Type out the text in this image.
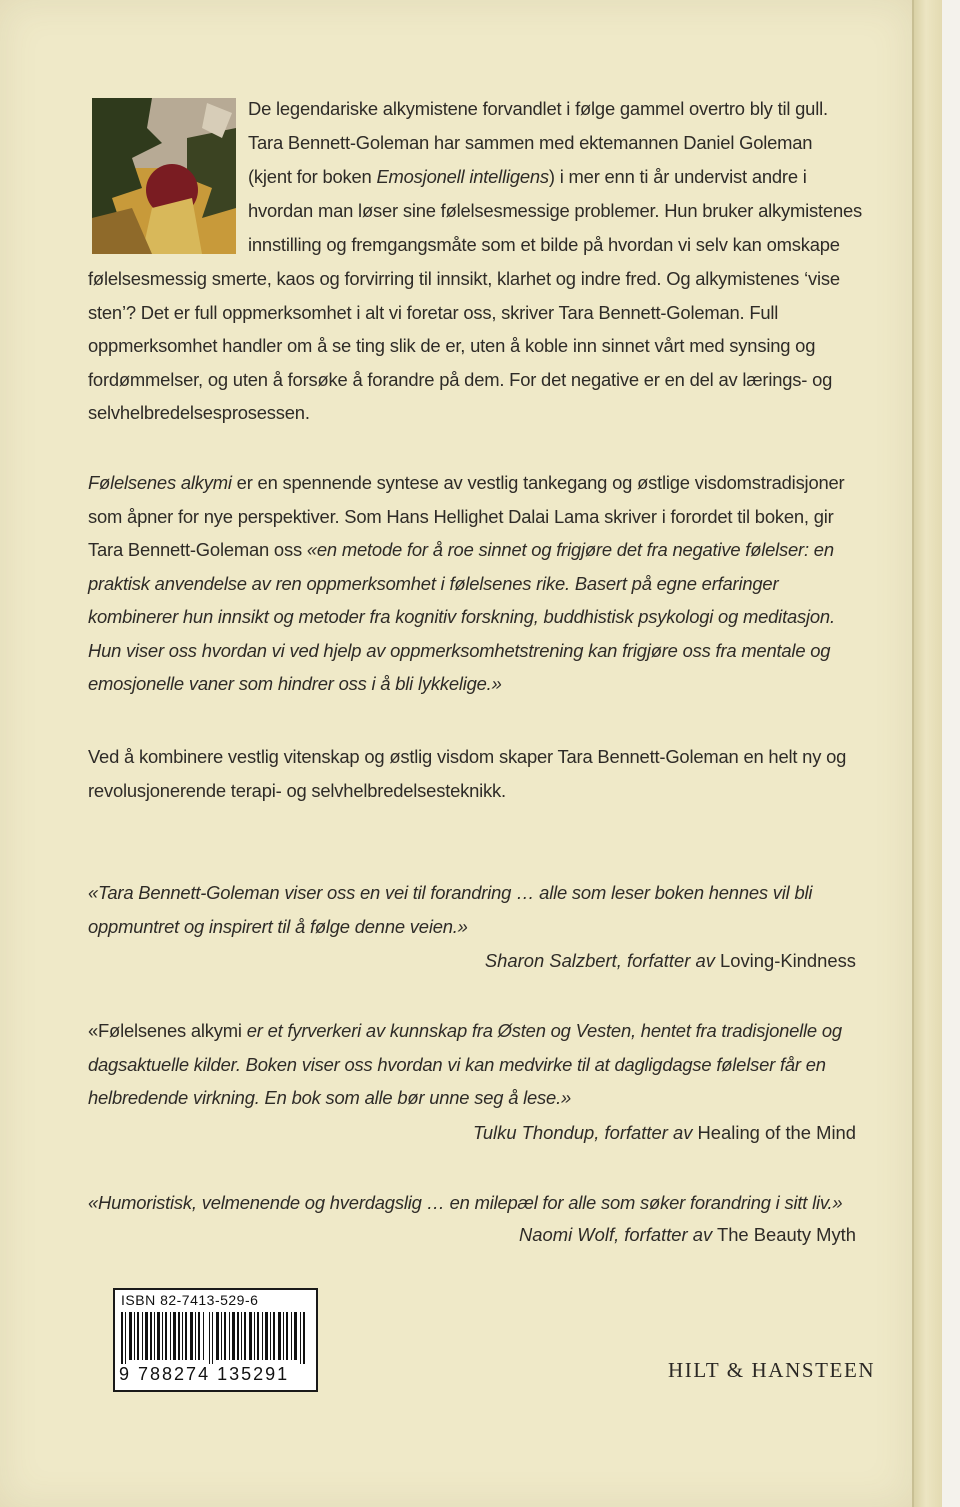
De legendariske alkymistene forvandlet i følge gammel overtro bly til gull.
Tara Bennett-Goleman har sammen med ektemannen Daniel Goleman
(kjent for boken Emosjonell intelligens) i mer enn ti år undervist andre i
hvordan man løser sine følelsesmessige problemer. Hun bruker alkymistenes
innstilling og fremgangsmåte som et bilde på hvordan vi selv kan omskape
følelsesmessig smerte, kaos og forvirring til innsikt, klarhet og indre fred. Og alkymistenes ‘vise sten’? Det er full oppmerksomhet i alt vi foretar oss, skriver Tara Bennett-Goleman. Full oppmerksomhet handler om å se ting slik de er, uten å koble inn sinnet vårt med synsing og fordømmelser, og uten å forsøke å forandre på dem. For det negative er en del av lærings- og selvhelbredelsesprosessen.
Følelsenes alkymi er en spennende syntese av vestlig tankegang og østlige visdomstradisjoner som åpner for nye perspektiver. Som Hans Hellighet Dalai Lama skriver i forordet til boken, gir Tara Bennett-Goleman oss «en metode for å roe sinnet og frigjøre det fra negative følelser: en praktisk anvendelse av ren oppmerksomhet i følelsenes rike. Basert på egne erfaringer kombinerer hun innsikt og metoder fra kognitiv forskning, buddhistisk psykologi og meditasjon. Hun viser oss hvordan vi ved hjelp av oppmerksomhetstrening kan frigjøre oss fra mentale og emosjonelle vaner som hindrer oss i å bli lykkelige.»
Ved å kombinere vestlig vitenskap og østlig visdom skaper Tara Bennett-Goleman en helt ny og revolusjonerende terapi- og selvhelbredelsesteknikk.
«Tara Bennett-Goleman viser oss en vei til forandring … alle som leser boken hennes vil bli oppmuntret og inspirert til å følge denne veien.»
Sharon Salzbert, forfatter av Loving-Kindness
«Følelsenes alkymi er et fyrverkeri av kunnskap fra Østen og Vesten, hentet fra tradisjonelle og dagsaktuelle kilder. Boken viser oss hvordan vi kan medvirke til at dagligdagse følelser får en helbredende virkning. En bok som alle bør unne seg å lese.»
Tulku Thondup, forfatter av Healing of the Mind
«Humoristisk, velmenende og hverdagslig … en milepæl for alle som søker forandring i sitt liv.»
Naomi Wolf, forfatter av The Beauty Myth
ISBN 82-7413-529-6
9 788274 135291	HILT & HANSTEEN
